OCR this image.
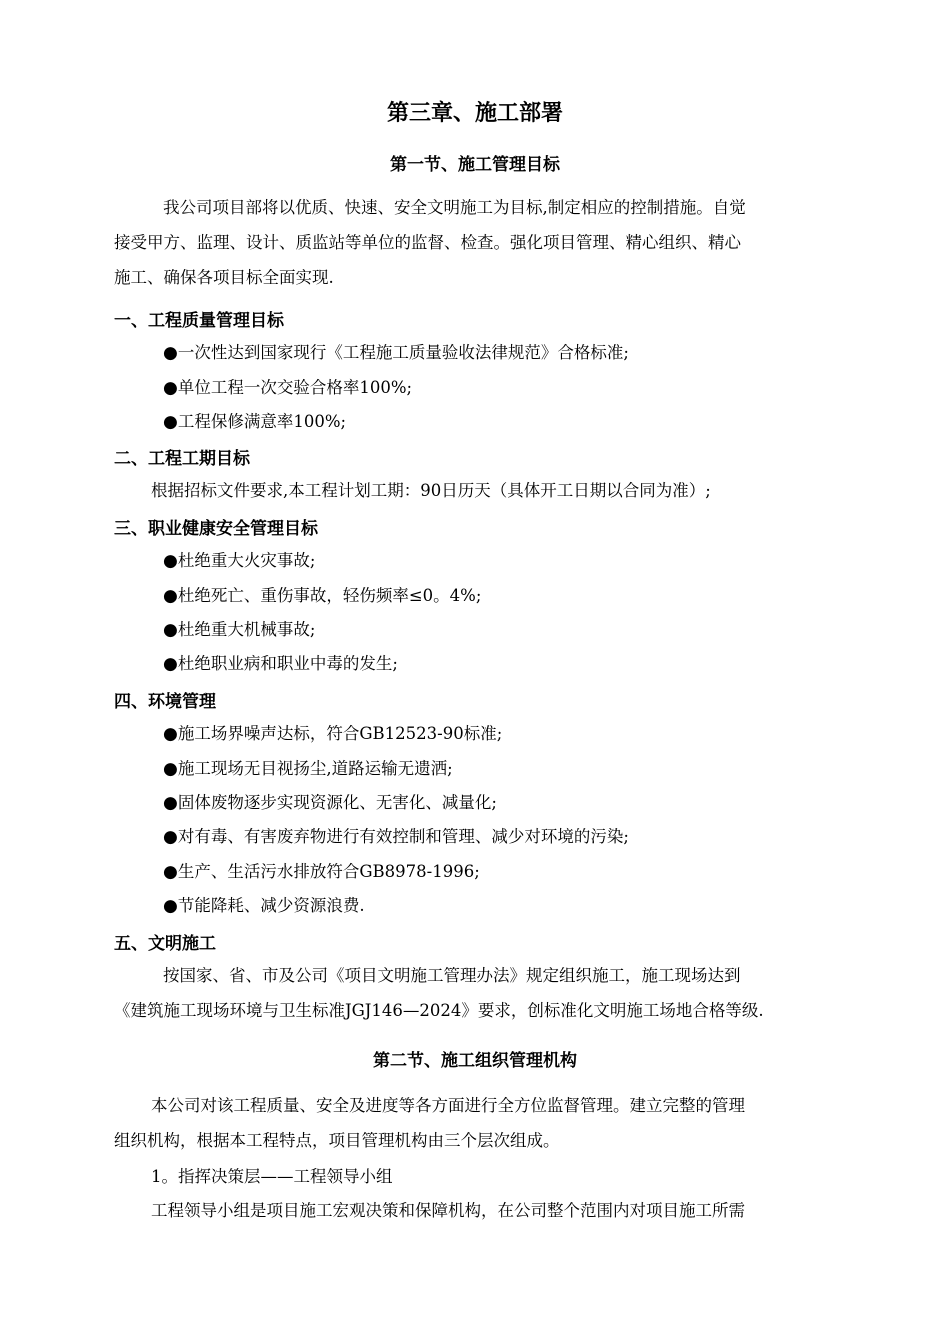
第三章、施工部署
第一节、施工管理目标
我公司项目部将以优质、快速、安全文明施工为目标,制定相应的控制措施。自觉
接受甲方、监理、设计、质监站等单位的监督、检查。强化项目管理、精心组织、精心
施工、确保各项目标全面实现.
一、工程质量管理目标
●一次性达到国家现行《工程施工质量验收法律规范》合格标准;
●单位工程一次交验合格率100%;
●工程保修满意率100%;
二、工程工期目标
根据招标文件要求,本工程计划工期：90日历天（具体开工日期以合同为准）;
三、职业健康安全管理目标
●杜绝重大火灾事故;
●杜绝死亡、重伤事故，轻伤频率≤0。4%;
●杜绝重大机械事故;
●杜绝职业病和职业中毒的发生;
四、环境管理
●施工场界噪声达标，符合GB12523-90标准;
●施工现场无目视扬尘,道路运输无遗洒;
●固体废物逐步实现资源化、无害化、减量化;
●对有毒、有害废弃物进行有效控制和管理、减少对环境的污染;
●生产、生活污水排放符合GB8978-1996;
●节能降耗、减少资源浪费.
五、文明施工
按国家、省、市及公司《项目文明施工管理办法》规定组织施工，施工现场达到
《建筑施工现场环境与卫生标准JGJ146—2024》要求，创标准化文明施工场地合格等级.
第二节、施工组织管理机构
本公司对该工程质量、安全及进度等各方面进行全方位监督管理。建立完整的管理
组织机构，根据本工程特点，项目管理机构由三个层次组成。
1。指挥决策层——工程领导小组
工程领导小组是项目施工宏观决策和保障机构，在公司整个范围内对项目施工所需
